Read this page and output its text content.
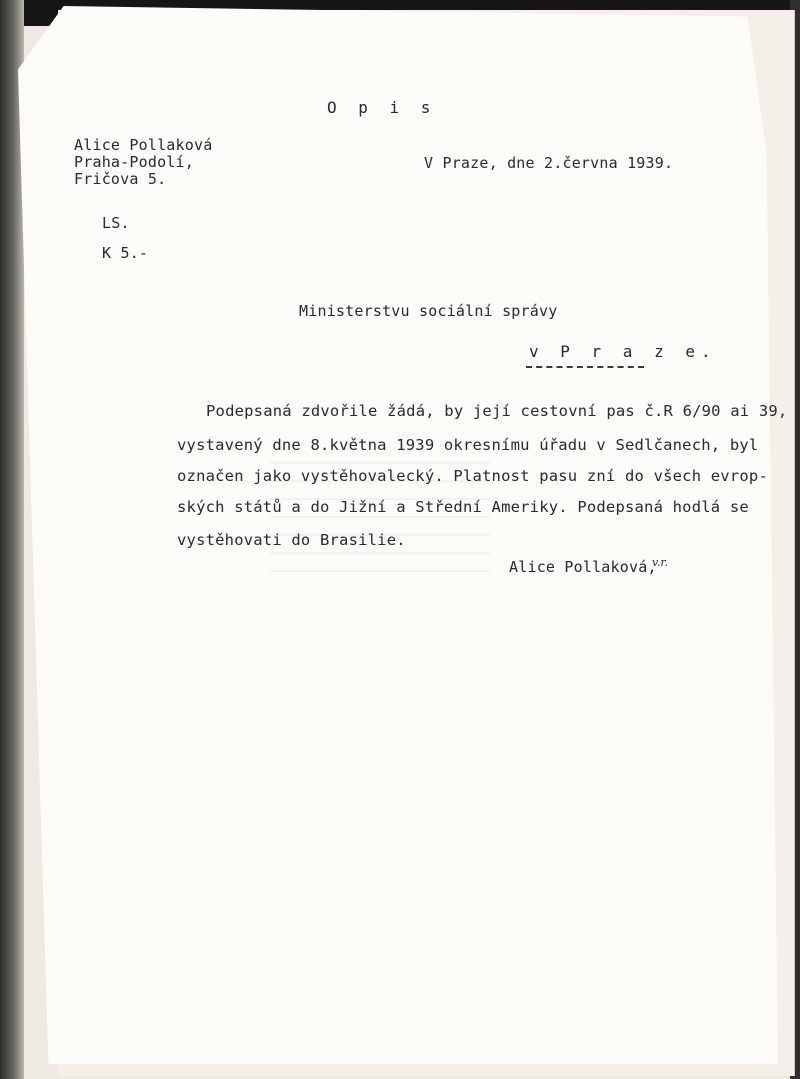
O p i s
Alice Pollaková
Praha-Podolí,
Fričova 5.
V Praze, dne 2.června 1939.
LS.
K 5.-
Ministerstvu sociální správy
v P r a z e.
Podepsaná zdvořile žádá, by její cestovní pas č.R 6/90 ai 39,
vystavený dne 8.května 1939 okresnímu úřadu v Sedlčanech, byl
označen jako vystěhovalecký. Platnost pasu zní do všech evrop-
ských států a do Jižní a Střední Ameriky. Podepsaná hodlá se
vystěhovati do Brasilie.
Alice Pollaková,
v.r.
